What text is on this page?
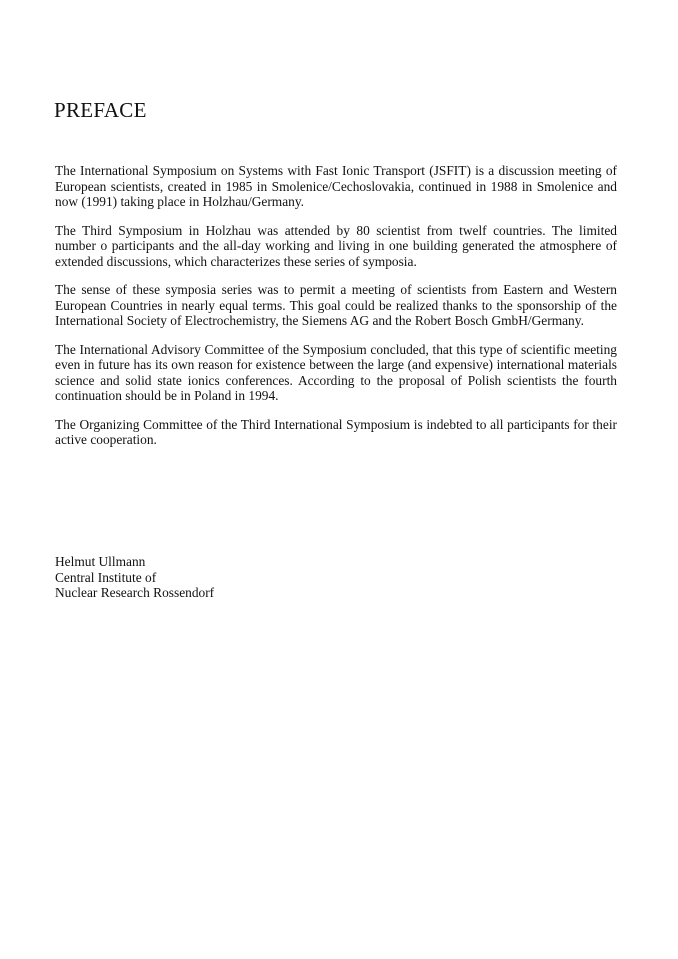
PREFACE

The International Symposium on Systems with Fast Ionic Transport (JSFIT) is a discussion meeting of European scientists, created in 1985 in Smolenice/Cechoslovakia, continued in 1988 in Smolenice and now (1991) taking place in Holzhau/Germany.

The Third Symposium in Holzhau was attended by 80 scientist from twelf countries. The limited number o participants and the all-day working and living in one building generated the atmosphere of extended discussions, which characterizes these series of symposia.

The sense of these symposia series was to permit a meeting of scientists from Eastern and Western European Countries in nearly equal terms. This goal could be realized thanks to the sponsorship of the International Society of Electrochemistry, the Siemens AG and the Robert Bosch GmbH/Germany.

The International Advisory Committee of the Symposium concluded, that this type of scientific meeting even in future has its own reason for existence between the large (and expensive) international materials science and solid state ionics conferences. According to the proposal of Polish scientists the fourth continuation should be in Poland in 1994.

The Organizing Committee of the Third International Symposium is indebted to all participants for their active cooperation.

Helmut Ullmann
Central Institute of
Nuclear Research Rossendorf
